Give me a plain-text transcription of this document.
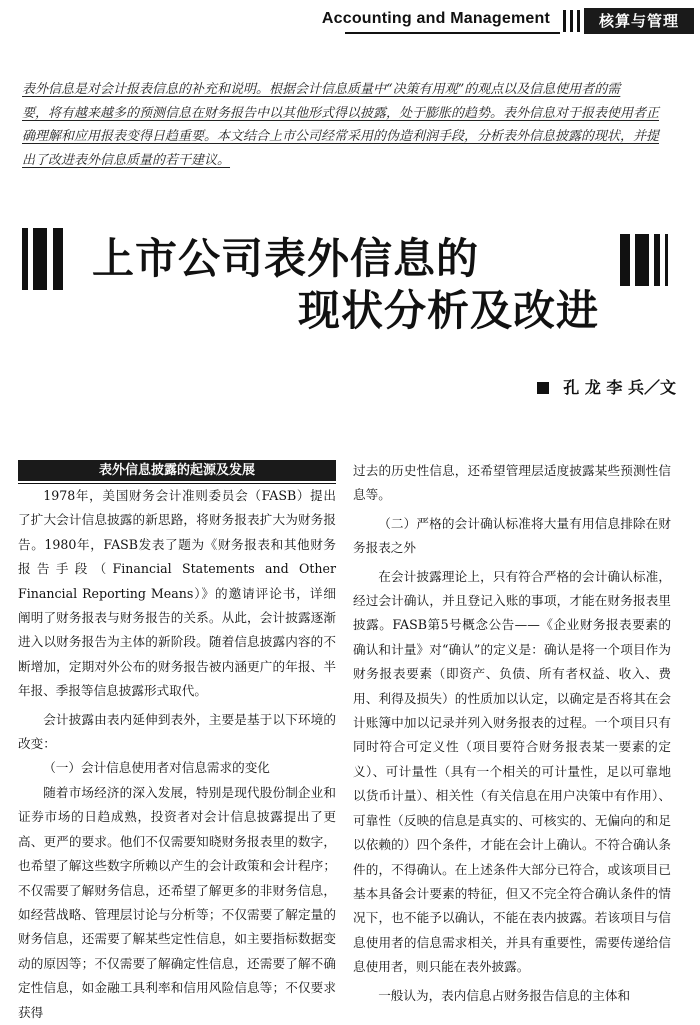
Accounting and Management	核算与管理
表外信息是对会计报表信息的补充和说明。根据会计信息质量中“决策有用观”的观点以及信息使用者的需
要，将有越来越多的预测信息在财务报告中以其他形式得以披露，处于膨胀的趋势。表外信息对于报表使用者正
确理解和应用报表变得日趋重要。本文结合上市公司经常采用的伪造利润手段，分析表外信息披露的现状，并提
出了改进表外信息质量的若干建议。
上市公司表外信息的
现状分析及改进
孔 龙 李 兵／文
表外信息披露的起源及发展

1978年，美国财务会计准则委员会（FASB）提出了扩大会计信息披露的新思路，将财务报表扩大为财务报告。1980年，FASB发表了题为《财务报表和其他财务报告手段（Financial Statements and Other Financial Reporting Means）》的邀请评论书，详细阐明了财务报表与财务报告的关系。从此，会计披露逐渐进入以财务报告为主体的新阶段。随着信息披露内容的不断增加，定期对外公布的财务报告被内涵更广的年报、半年报、季报等信息披露形式取代。

会计披露由表内延伸到表外，主要是基于以下环境的改变：

（一）会计信息使用者对信息需求的变化

随着市场经济的深入发展，特别是现代股份制企业和证券市场的日趋成熟，投资者对会计信息披露提出了更高、更严的要求。他们不仅需要知晓财务报表里的数字，也希望了解这些数字所赖以产生的会计政策和会计程序；不仅需要了解财务信息，还希望了解更多的非财务信息，如经营战略、管理层讨论与分析等；不仅需要了解定量的财务信息，还需要了解某些定性信息，如主要指标数据变动的原因等；不仅需要了解确定性信息，还需要了解不确定性信息，如金融工具利率和信用风险信息等；不仅要求获得

过去的历史性信息，还希望管理层适度披露某些预测性信息等。

（二）严格的会计确认标准将大量有用信息排除在财务报表之外

在会计披露理论上，只有符合严格的会计确认标准，经过会计确认，并且登记入账的事项，才能在财务报表里披露。FASB第5号概念公告——《企业财务报表要素的确认和计量》对“确认”的定义是：确认是将一个项目作为财务报表要素（即资产、负债、所有者权益、收入、费用、利得及损失）的性质加以认定，以确定是否将其在会计账簿中加以记录并列入财务报表的过程。一个项目只有同时符合可定义性（项目要符合财务报表某一要素的定义）、可计量性（具有一个相关的可计量性，足以可靠地以货币计量）、相关性（有关信息在用户决策中有作用）、可靠性（反映的信息是真实的、可核实的、无偏向的和足以依赖的）四个条件，才能在会计上确认。不符合确认条件的，不得确认。在上述条件大部分已符合，或该项目已基本具备会计要素的特征，但又不完全符合确认条件的情况下，也不能予以确认，不能在表内披露。若该项目与信息使用者的信息需求相关，并具有重要性，需要传递给信息使用者，则只能在表外披露。

一般认为，表内信息占财务报告信息的主体和
